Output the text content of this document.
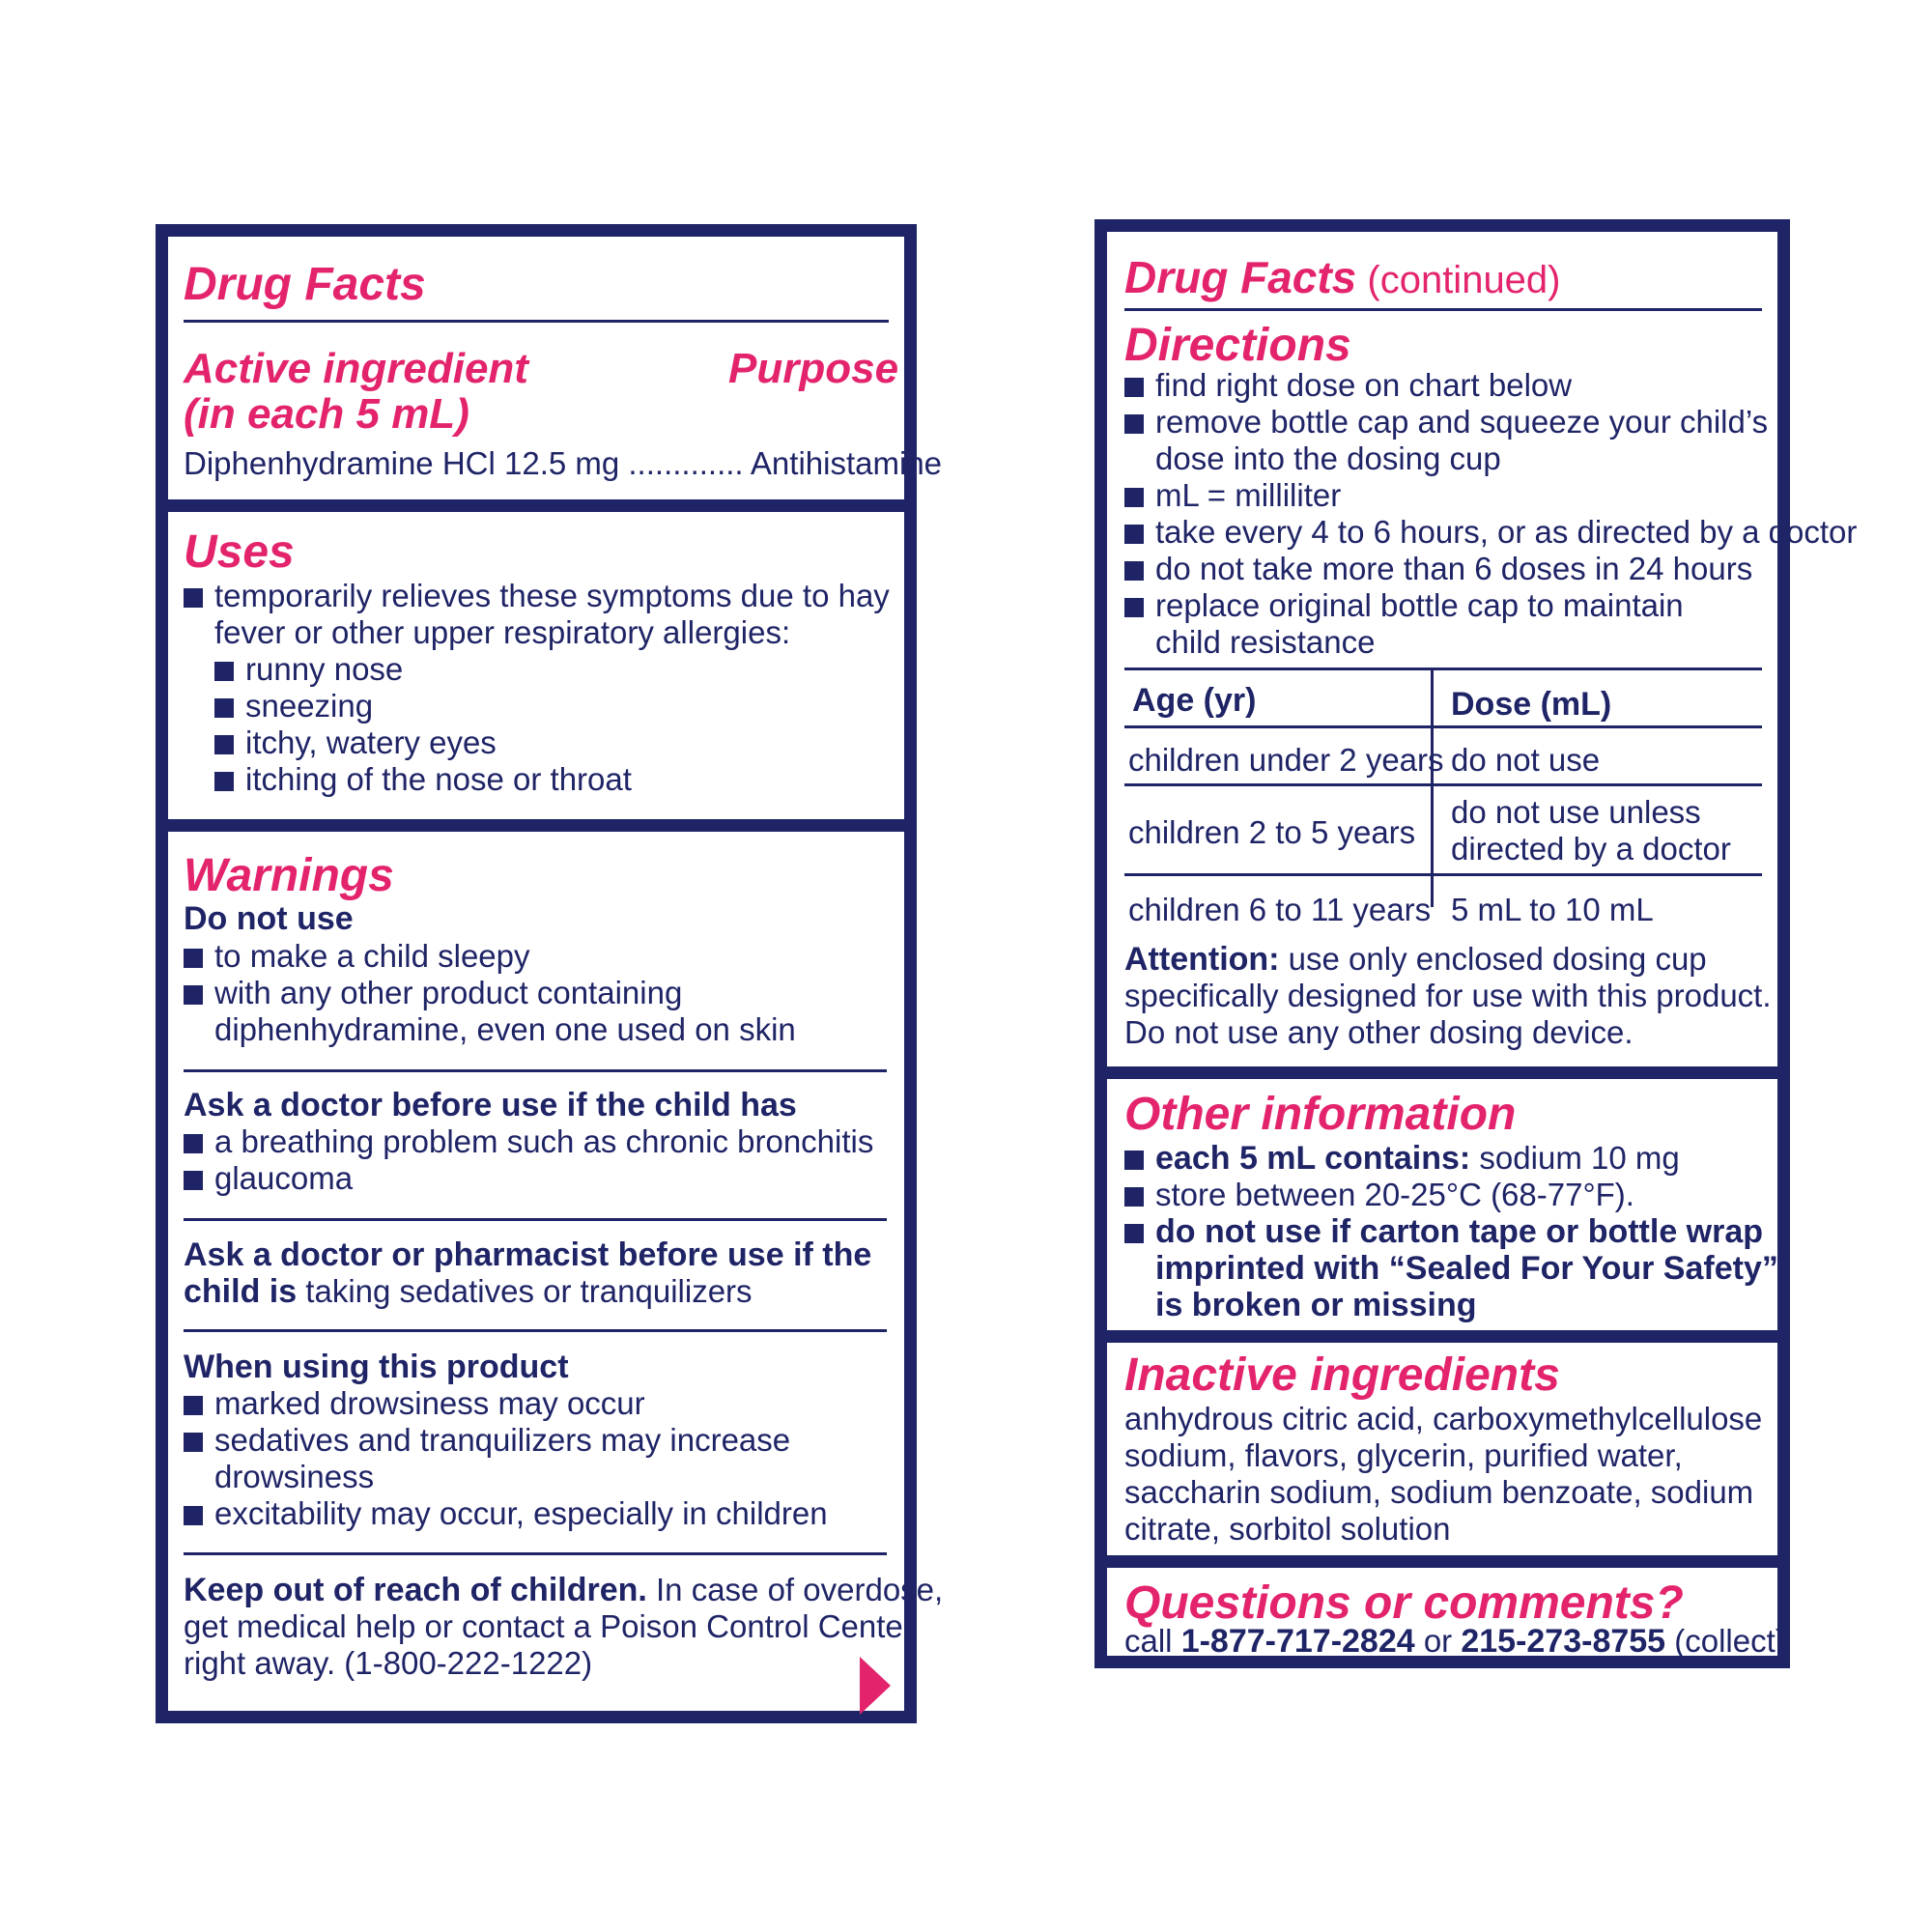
Drug Facts
Active ingredient
(in each 5 mL)
Purpose

Diphenhydramine HCl 12.5 mg ............. Antihistamine

Uses

temporarily relieves these symptoms due to hay

fever or other upper respiratory allergies:

runny nose

sneezing

itchy, watery eyes

itching of the nose or throat

Warnings

Do not use

to make a child sleepy

with any other product containing

diphenhydramine, even one used on skin

Ask a doctor before use if the child has

a breathing problem such as chronic bronchitis

glaucoma

Ask a doctor or pharmacist before use if the

child is taking sedatives or tranquilizers

When using this product

marked drowsiness may occur

sedatives and tranquilizers may increase

drowsiness

excitability may occur, especially in children

Keep out of reach of children. In case of overdose,

get medical help or contact a Poison Control Center

right away. (1-800-222-1222)

Drug Facts (continued)
Directions

find right dose on chart below

remove bottle cap and squeeze your child’s

dose into the dosing cup

mL = milliliter

take every 4 to 6 hours, or as directed by a doctor

do not take more than 6 doses in 24 hours

replace original bottle cap to maintain

child resistance

Age (yr)	Dose (mL)

children under 2 years do not use

children 2 to 5 years

do not use unless

directed by a doctor

children 6 to 11 years 5 mL to 10 mL

Attention: use only enclosed dosing cup

specifically designed for use with this product.

Do not use any other dosing device.

Other information

each 5 mL contains: sodium 10 mg

store between 20-25°C (68-77°F).

do not use if carton tape or bottle wrap

imprinted with “Sealed For Your Safety”

is broken or missing

Inactive ingredients

anhydrous citric acid, carboxymethylcellulose

sodium, flavors, glycerin, purified water,

saccharin sodium, sodium benzoate, sodium

citrate, sorbitol solution

Questions or comments?

call 1-877-717-2824 or 215-273-8755 (collect)
